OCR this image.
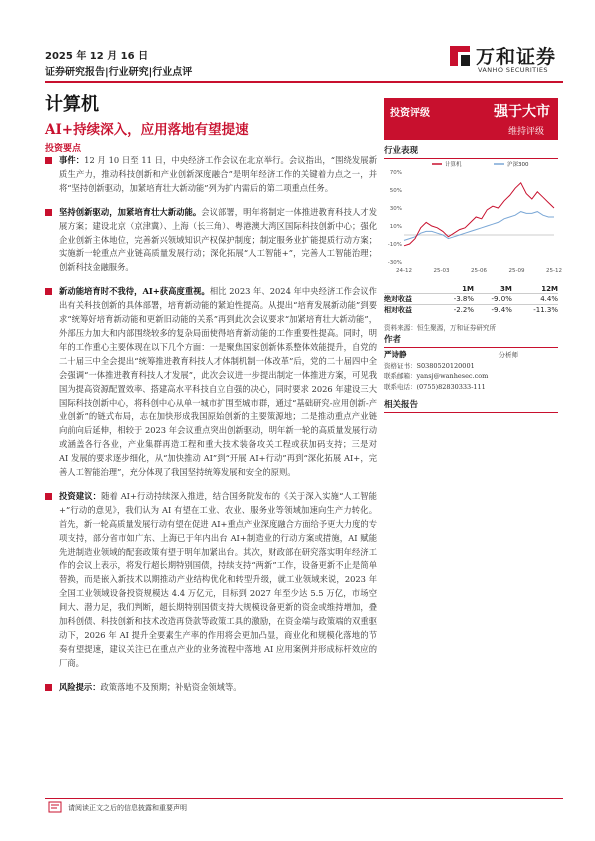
2025 年 12 月 16 日
证券研究报告|行业研究|行业点评
万和证券
VANHO SECURITIES
计算机
AI+持续深入，应用落地有望提速
投资要点
事件：12 月 10 日至 11 日，中央经济工作会议在北京举行。会议指出，“围绕发展新质生产力，推动科技创新和产业创新深度融合”是明年经济工作的关键着力点之一，并将“坚持创新驱动，加紧培育壮大新动能”列为扩内需后的第二项重点任务。
坚持创新驱动，加紧培育壮大新动能。会议部署，明年将制定一体推进教育科技人才发展方案；建设北京（京津冀）、上海（长三角）、粤港澳大湾区国际科技创新中心；强化企业创新主体地位，完善新兴领域知识产权保护制度；制定服务业扩能提质行动方案；实施新一轮重点产业链高质量发展行动；深化拓展“人工智能+”，完善人工智能治理；创新科技金融服务。
新动能培育时不我待，AI+获高度重视。相比 2023 年、2024 年中央经济工作会议作出有关科技创新的具体部署，培育新动能的紧迫性提高。从提出“培育发展新动能”到要求“统筹好培育新动能和更新旧动能的关系”再到此次会议要求“加紧培育壮大新动能”，外部压力加大和内部围绕较多的复杂局面使得培育新动能的工作重要性提高。同时，明年的工作重心主要体现在以下几个方面：一是聚焦国家创新体系整体效能提升，自党的二十届三中全会提出“统筹推进教育科技人才体制机制一体改革”后，党的二十届四中全会强调“一体推进教育科技人才发展”，此次会议进一步提出制定一体推进方案，可见我国为提高资源配置效率、搭建高水平科技自立自强的决心，同时要求 2026 年建设三大国际科技创新中心，将科创中心从单一城市扩围至城市群，通过“基础研究-应用创新-产业创新”的链式布局，志在加快形成我国原始创新的主要策源地；二是推动重点产业链向前向后延伸，相较于 2023 年会议重点突出创新驱动，明年新一轮的高质量发展行动或涵盖各行各业，产业集群再造工程和重大技术装备攻关工程或获加码支持；三是对 AI 发展的要求逐步细化，从“加快推动 AI”到“开展 AI+行动”再到“深化拓展 AI+，完善人工智能治理”，充分体现了我国坚持统筹发展和安全的原则。
投资建议：随着 AI+行动持续深入推进，结合国务院发布的《关于深入实施“人工智能+”行动的意见》，我们认为 AI 有望在工业、农业、服务业等领域加速向生产力转化。首先，新一轮高质量发展行动有望在促进 AI+重点产业深度融合方面给予更大力度的专项支持，部分省市如广东、上海已于年内出台 AI+制造业的行动方案或措施，AI 赋能先进制造业领域的配套政策有望于明年加紧出台。其次，财政部在研究落实明年经济工作的会议上表示，将发行超长期特别国债，持续支持“两新”工作，设备更新不止是简单替换，而是嵌入新技术以期推动产业结构优化和转型升级，就工业领域来说，2023 年全国工业领域设备投资规模达 4.4 万亿元，目标到 2027 年至少达 5.5 万亿，市场空间大、潜力足，我们判断，超长期特别国债支持大规模设备更新的资金或维持增加，叠加科创债、科技创新和技术改造再贷款等政策工具的激励，在资金端与政策端的双重驱动下，2026 年 AI 提升全要素生产率的作用将会更加凸显，商业化和规模化落地的节奏有望提速，建议关注已在重点产业的业务流程中落地 AI 应用案例并形成标杆效应的厂商。
风险提示：政策落地不及预期；补贴资金领域等。
投资评级	强于大市
维持评级
行业表现
70%
50%
30%
10%
-10%
-30%
24-12	25-03	25-06	25-09	25-12
计算机	沪深300
	1M	3M	12M
绝对收益	-3.8%	-9.0%	4.4%
相对收益	-2.2%	-9.4%	-11.3%
资料来源：恒生聚源，万和证券研究所
作者
严诗静	分析师
资格证书：S0380520120001
联系邮箱：yansj@wanhesec.com
联系电话：(0755)82830333-111
相关报告
请阅读正文之后的信息披露和重要声明
